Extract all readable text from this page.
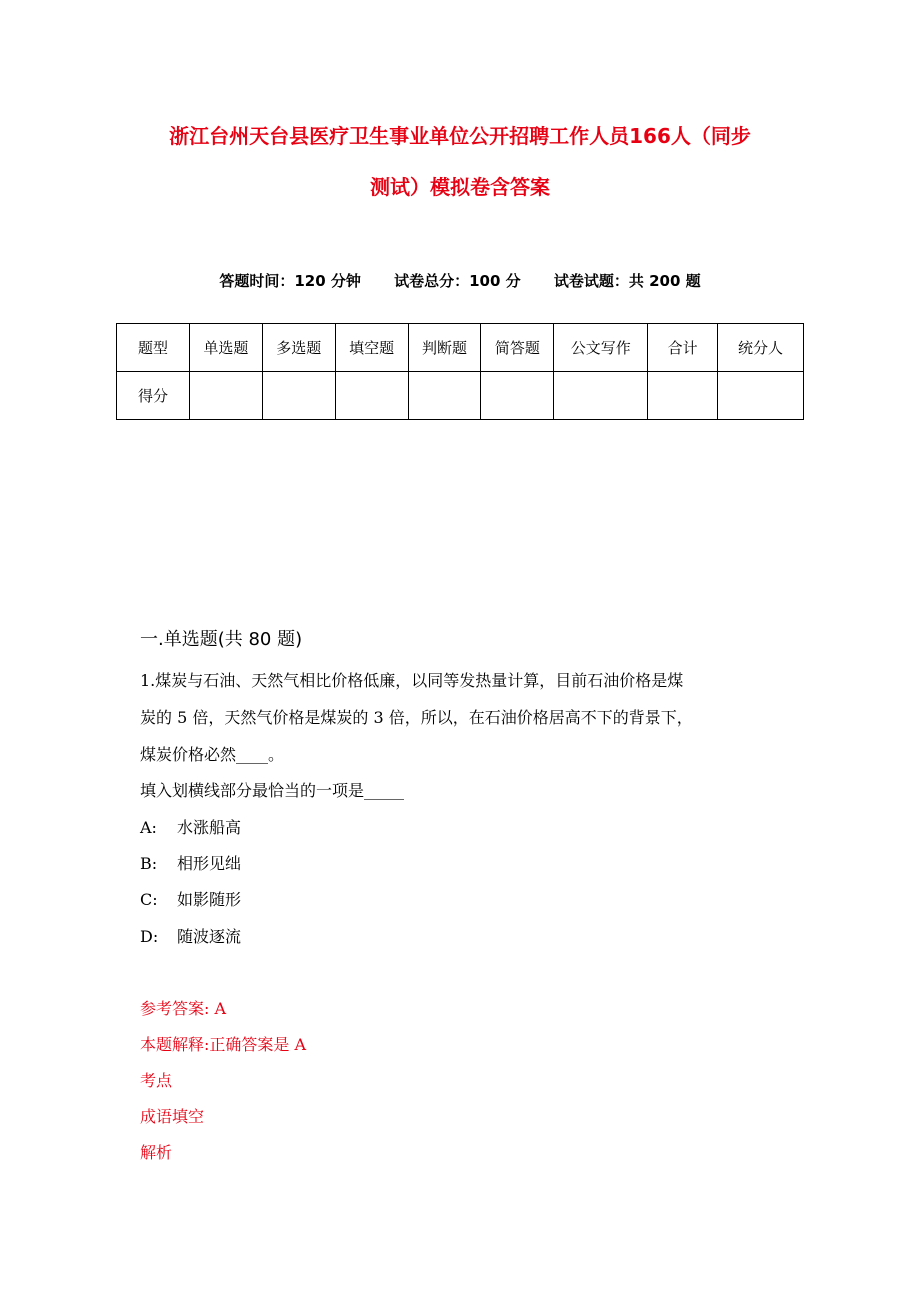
浙江台州天台县医疗卫生事业单位公开招聘工作人员166人（同步
测试）模拟卷含答案
答题时间：120 分钟 试卷总分：100 分 试卷试题：共 200 题
题型	单选题	多选题	填空题	判断题	简答题	公文写作	合计	统分人
得分								
一.单选题(共 80 题)
1.煤炭与石油、天然气相比价格低廉，以同等发热量计算，目前石油价格是煤
炭的 5 倍，天然气价格是煤炭的 3 倍，所以，在石油价格居高不下的背景下，
煤炭价格必然____。
填入划横线部分最恰当的一项是_____
A: 水涨船高
B: 相形见绌
C: 如影随形
D: 随波逐流
参考答案: A
本题解释:正确答案是 A
考点
成语填空
解析
